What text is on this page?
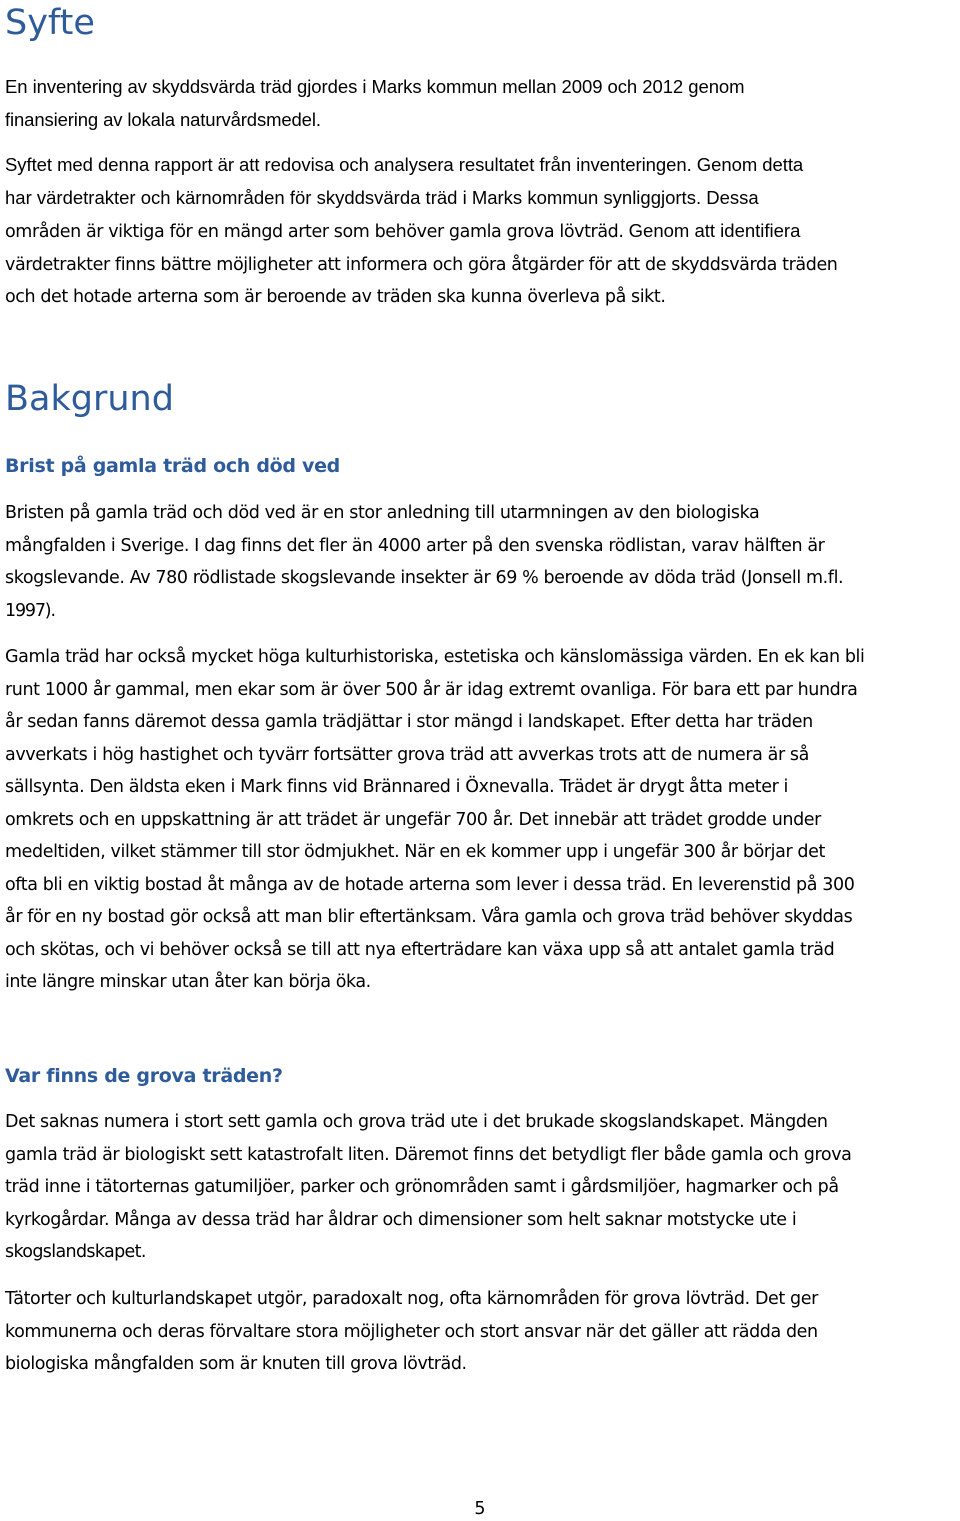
Syfte

En inventering av skyddsvärda träd gjordes i Marks kommun mellan 2009 och 2012 genom
finansiering av lokala naturvårdsmedel.

Syftet med denna rapport är att redovisa och analysera resultatet från inventeringen. Genom detta
har värdetrakter och kärnområden för skyddsvärda träd i Marks kommun synliggjorts. Dessa
områden är viktiga för en mängd arter som behöver gamla grova lövträd. Genom att identifiera
värdetrakter finns bättre möjligheter att informera och göra åtgärder för att de skyddsvärda träden
och det hotade arterna som är beroende av träden ska kunna överleva på sikt.

Bakgrund
Brist på gamla träd och död ved

Bristen på gamla träd och död ved är en stor anledning till utarmningen av den biologiska
mångfalden i Sverige. I dag finns det fler än 4000 arter på den svenska rödlistan, varav hälften är
skogslevande. Av 780 rödlistade skogslevande insekter är 69 % beroende av döda träd (Jonsell m.fl.
1997).

Gamla träd har också mycket höga kulturhistoriska, estetiska och känslomässiga värden. En ek kan bli
runt 1000 år gammal, men ekar som är över 500 år är idag extremt ovanliga. För bara ett par hundra
år sedan fanns däremot dessa gamla trädjättar i stor mängd i landskapet. Efter detta har träden
avverkats i hög hastighet och tyvärr fortsätter grova träd att avverkas trots att de numera är så
sällsynta. Den äldsta eken i Mark finns vid Brännared i Öxnevalla. Trädet är drygt åtta meter i
omkrets och en uppskattning är att trädet är ungefär 700 år. Det innebär att trädet grodde under
medeltiden, vilket stämmer till stor ödmjukhet. När en ek kommer upp i ungefär 300 år börjar det
ofta bli en viktig bostad åt många av de hotade arterna som lever i dessa träd. En leverenstid på 300
år för en ny bostad gör också att man blir eftertänksam. Våra gamla och grova träd behöver skyddas
och skötas, och vi behöver också se till att nya efterträdare kan växa upp så att antalet gamla träd
inte längre minskar utan åter kan börja öka.

Var finns de grova träden?

Det saknas numera i stort sett gamla och grova träd ute i det brukade skogslandskapet. Mängden
gamla träd är biologiskt sett katastrofalt liten. Däremot finns det betydligt fler både gamla och grova
träd inne i tätorternas gatumiljöer, parker och grönområden samt i gårdsmiljöer, hagmarker och på
kyrkogårdar. Många av dessa träd har åldrar och dimensioner som helt saknar motstycke ute i
skogslandskapet.

Tätorter och kulturlandskapet utgör, paradoxalt nog, ofta kärnområden för grova lövträd. Det ger
kommunerna och deras förvaltare stora möjligheter och stort ansvar när det gäller att rädda den
biologiska mångfalden som är knuten till grova lövträd.

5
